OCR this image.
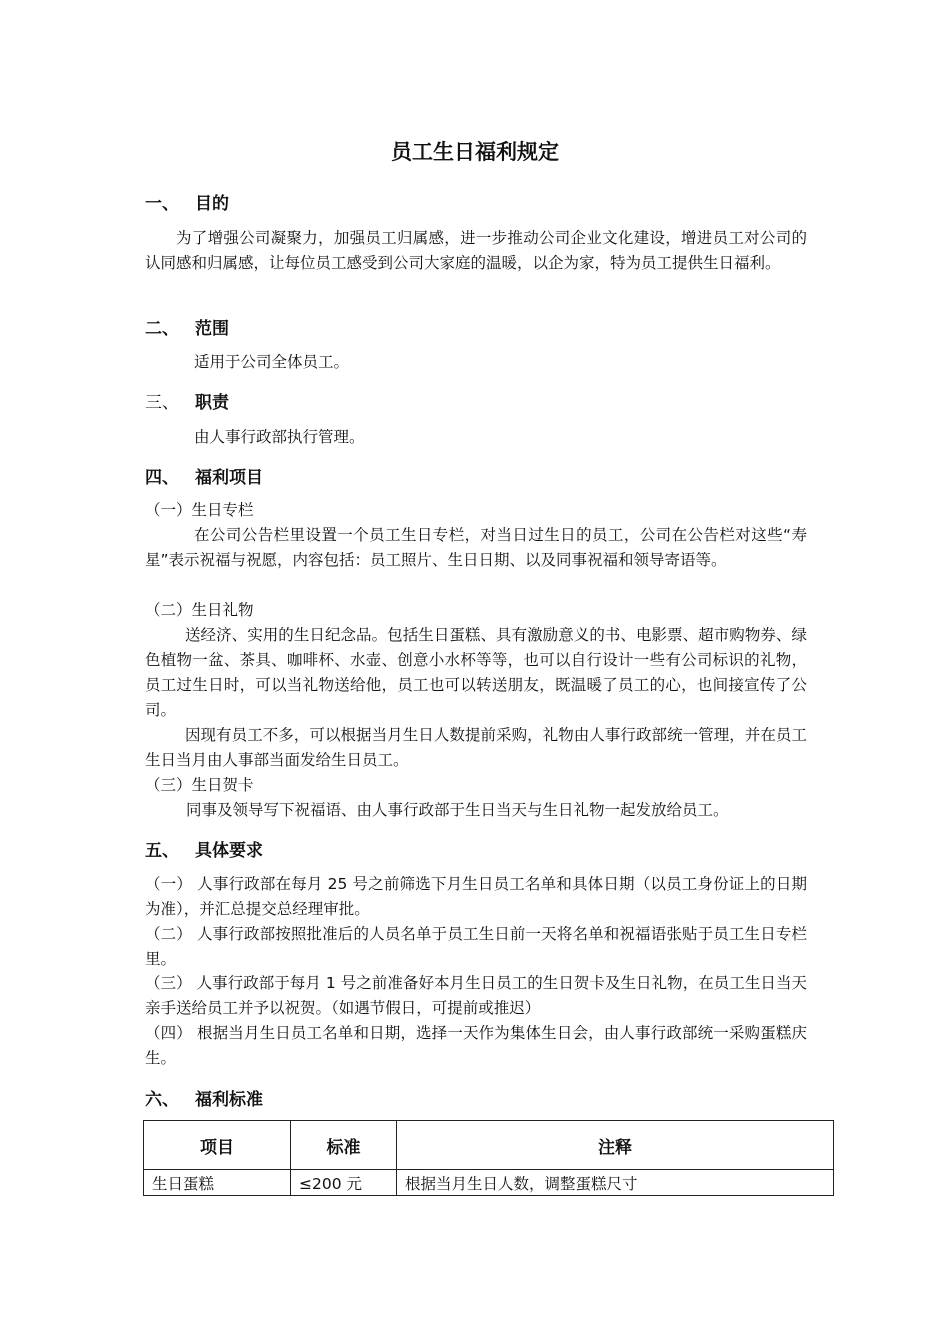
员工生日福利规定
一、 目的
为了增强公司凝聚力，加强员工归属感，进一步推动公司企业文化建设，增进员工对公司的认同感和归属感，让每位员工感受到公司大家庭的温暖，以企为家，特为员工提供生日福利。
二、 范围
适用于公司全体员工。
三、 职责
由人事行政部执行管理。
四、 福利项目
（一）生日专栏
在公司公告栏里设置一个员工生日专栏，对当日过生日的员工，公司在公告栏对这些“寿星”表示祝福与祝愿，内容包括：员工照片、生日日期、以及同事祝福和领导寄语等。
（二）生日礼物
送经济、实用的生日纪念品。包括生日蛋糕、具有激励意义的书、电影票、超市购物券、绿色植物一盆、茶具、咖啡杯、水壶、创意小水杯等等，也可以自行设计一些有公司标识的礼物，员工过生日时，可以当礼物送给他，员工也可以转送朋友，既温暖了员工的心，也间接宣传了公司。
因现有员工不多，可以根据当月生日人数提前采购，礼物由人事行政部统一管理，并在员工生日当月由人事部当面发给生日员工。
（三）生日贺卡
同事及领导写下祝福语、由人事行政部于生日当天与生日礼物一起发放给员工。
五、 具体要求
（一） 人事行政部在每月 25 号之前筛选下月生日员工名单和具体日期（以员工身份证上的日期为准），并汇总提交总经理审批。
（二） 人事行政部按照批准后的人员名单于员工生日前一天将名单和祝福语张贴于员工生日专栏里。
（三） 人事行政部于每月 1 号之前准备好本月生日员工的生日贺卡及生日礼物，在员工生日当天亲手送给员工并予以祝贺。（如遇节假日，可提前或推迟）
（四） 根据当月生日员工名单和日期，选择一天作为集体生日会，由人事行政部统一采购蛋糕庆生。
六、 福利标准
项目	标准	注释
生日蛋糕	≤200 元	根据当月生日人数，调整蛋糕尺寸
